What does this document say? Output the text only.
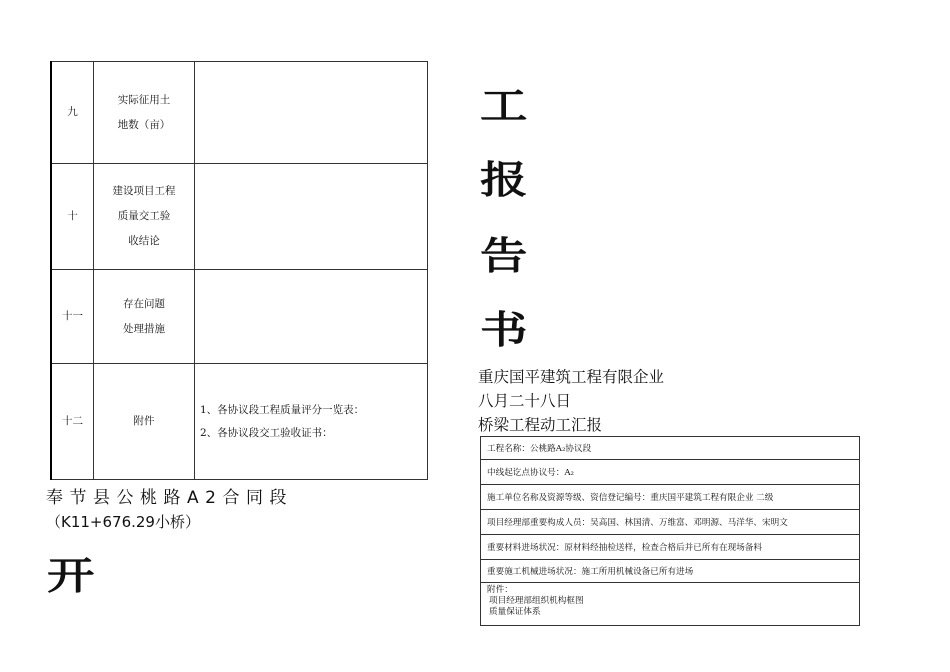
九	实际征用土
地数（亩）	

十	建设项目工程
质量交工验
收结论	

十一	存在问题
处理措施	

十二	附件	1、各协议段工程质量评分一览表：
2、各协议段交工验收证书：
奉节县公桃路A2合同段
（K11+676.29小桥）
开
工
报
告
书
重庆国平建筑工程有限企业
八月二十八日
桥梁工程动工汇报
工程名称：公桃路A₂协议段
中线起讫点协议号：A₂
施工单位名称及资源等级、资信登记编号：重庆国平建筑工程有限企业 二级
项目经理部重要构成人员：吴高国、林国清、万维富、邓明源、马洋华、宋明文
重要材料进场状况：原材料经抽检送样，检查合格后并已所有在现场备料
重要施工机械进场状况：施工所用机械设备已所有进场

附件：
项目经理部组织机构框图
质量保证体系
